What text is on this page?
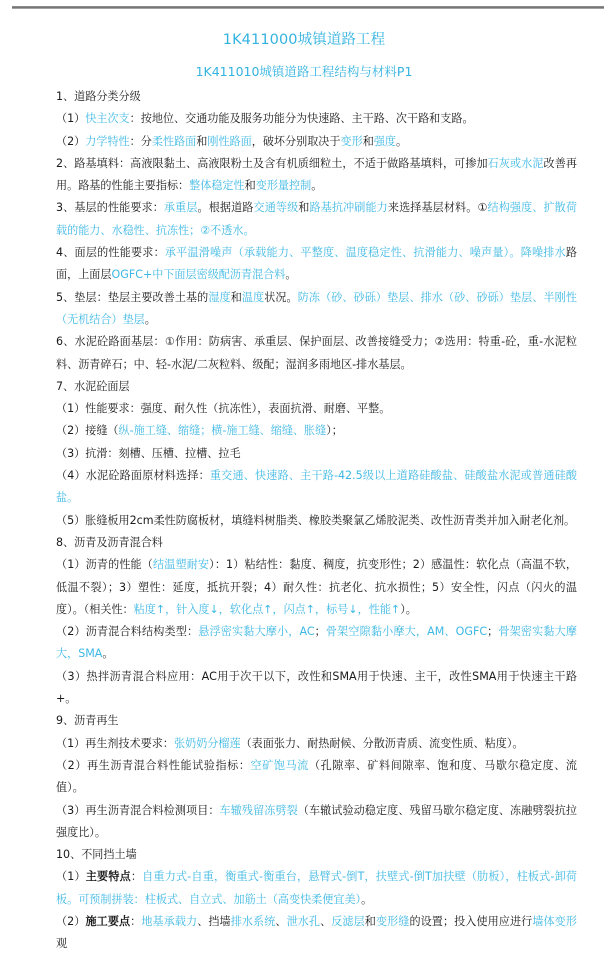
1K411000城镇道路工程
1K411010城镇道路工程结构与材料P1

1、道路分类分级

（1）快主次支：按地位、交通功能及服务功能分为快速路、主干路、次干路和支路。

（2）力学特性：分柔性路面和刚性路面，破坏分别取决于变形和强度。

2、路基填料：高液限黏土、高液限粉土及含有机质细粒土，不适于做路基填料，可掺加石灰或水泥改善再用。路基的性能主要指标：整体稳定性和变形量控制。

3、基层的性能要求：承重层。根据道路交通等级和路基抗冲刷能力来选择基层材料。①结构强度、扩散荷载的能力、水稳性、抗冻性；②不透水。

4、面层的性能要求：承平温滑噪声（承载能力、平整度、温度稳定性、抗滑能力、噪声量）。降噪排水路面，上面层OGFC+中下面层密级配沥青混合料。

5、垫层：垫层主要改善土基的湿度和温度状况。防冻（砂、砂砾）垫层、排水（砂、砂砾）垫层、半刚性（无机结合）垫层。

6、水泥砼路面基层：①作用：防病害、承重层、保护面层、改善接缝受力；②选用：特重-砼，重-水泥粒料、沥青碎石；中、轻-水泥/二灰粒料、级配；湿润多雨地区-排水基层。

7、水泥砼面层

（1）性能要求：强度、耐久性（抗冻性），表面抗滑、耐磨、平整。

（2）接缝（纵-施工缝、缩缝；横-施工缝、缩缝、胀缝）；

（3）抗滑：刻槽、压槽、拉槽、拉毛

（4）水泥砼路面原材料选择：重交通、快速路、主干路-42.5级以上道路硅酸盐、硅酸盐水泥或普通硅酸盐。

（5）胀缝板用2cm柔性防腐板材，填缝料树脂类、橡胶类聚氯乙烯胶泥类、改性沥青类并加入耐老化剂。

8、沥青及沥青混合料

（1）沥青的性能（结温塑耐安）：1）粘结性：黏度、稠度，抗变形性；2）感温性：软化点（高温不软，低温不裂）；3）塑性：延度，抵抗开裂；4）耐久性：抗老化、抗水损性；5）安全性，闪点（闪火的温度）。（相关性：粘度↑，针入度↓，软化点↑，闪点↑，标号↓，性能↑）。

（2）沥青混合料结构类型：悬浮密实黏大摩小，AC；骨架空隙黏小摩大，AM、OGFC；骨架密实黏大摩大，SMA。

（3）热拌沥青混合料应用：AC用于次干以下，改性和SMA用于快速、主干，改性SMA用于快速主干路+。

9、沥青再生

（1）再生剂技术要求：张奶奶分榴莲（表面张力、耐热耐候、分散沥青质、流变性质、粘度）。

（2）再生沥青混合料性能试验指标：空矿饱马流（孔隙率、矿料间隙率、饱和度、马歇尔稳定度、流值）。

（3）再生沥青混合料检测项目：车辙残留冻劈裂（车辙试验动稳定度、残留马歇尔稳定度、冻融劈裂抗拉强度比）。

10、不同挡土墙

（1）主要特点：自重力式-自重，衡重式-衡重台，悬臂式-倒T，扶壁式-倒T加扶壁（肋板），柱板式-卸荷板。可预制拼装：柱板式、自立式、加筋土（高变快柔便宜美）。

（2）施工要点：地基承载力、挡墙排水系统、泄水孔、反滤层和变形缝的设置；投入使用应进行墙体变形观
